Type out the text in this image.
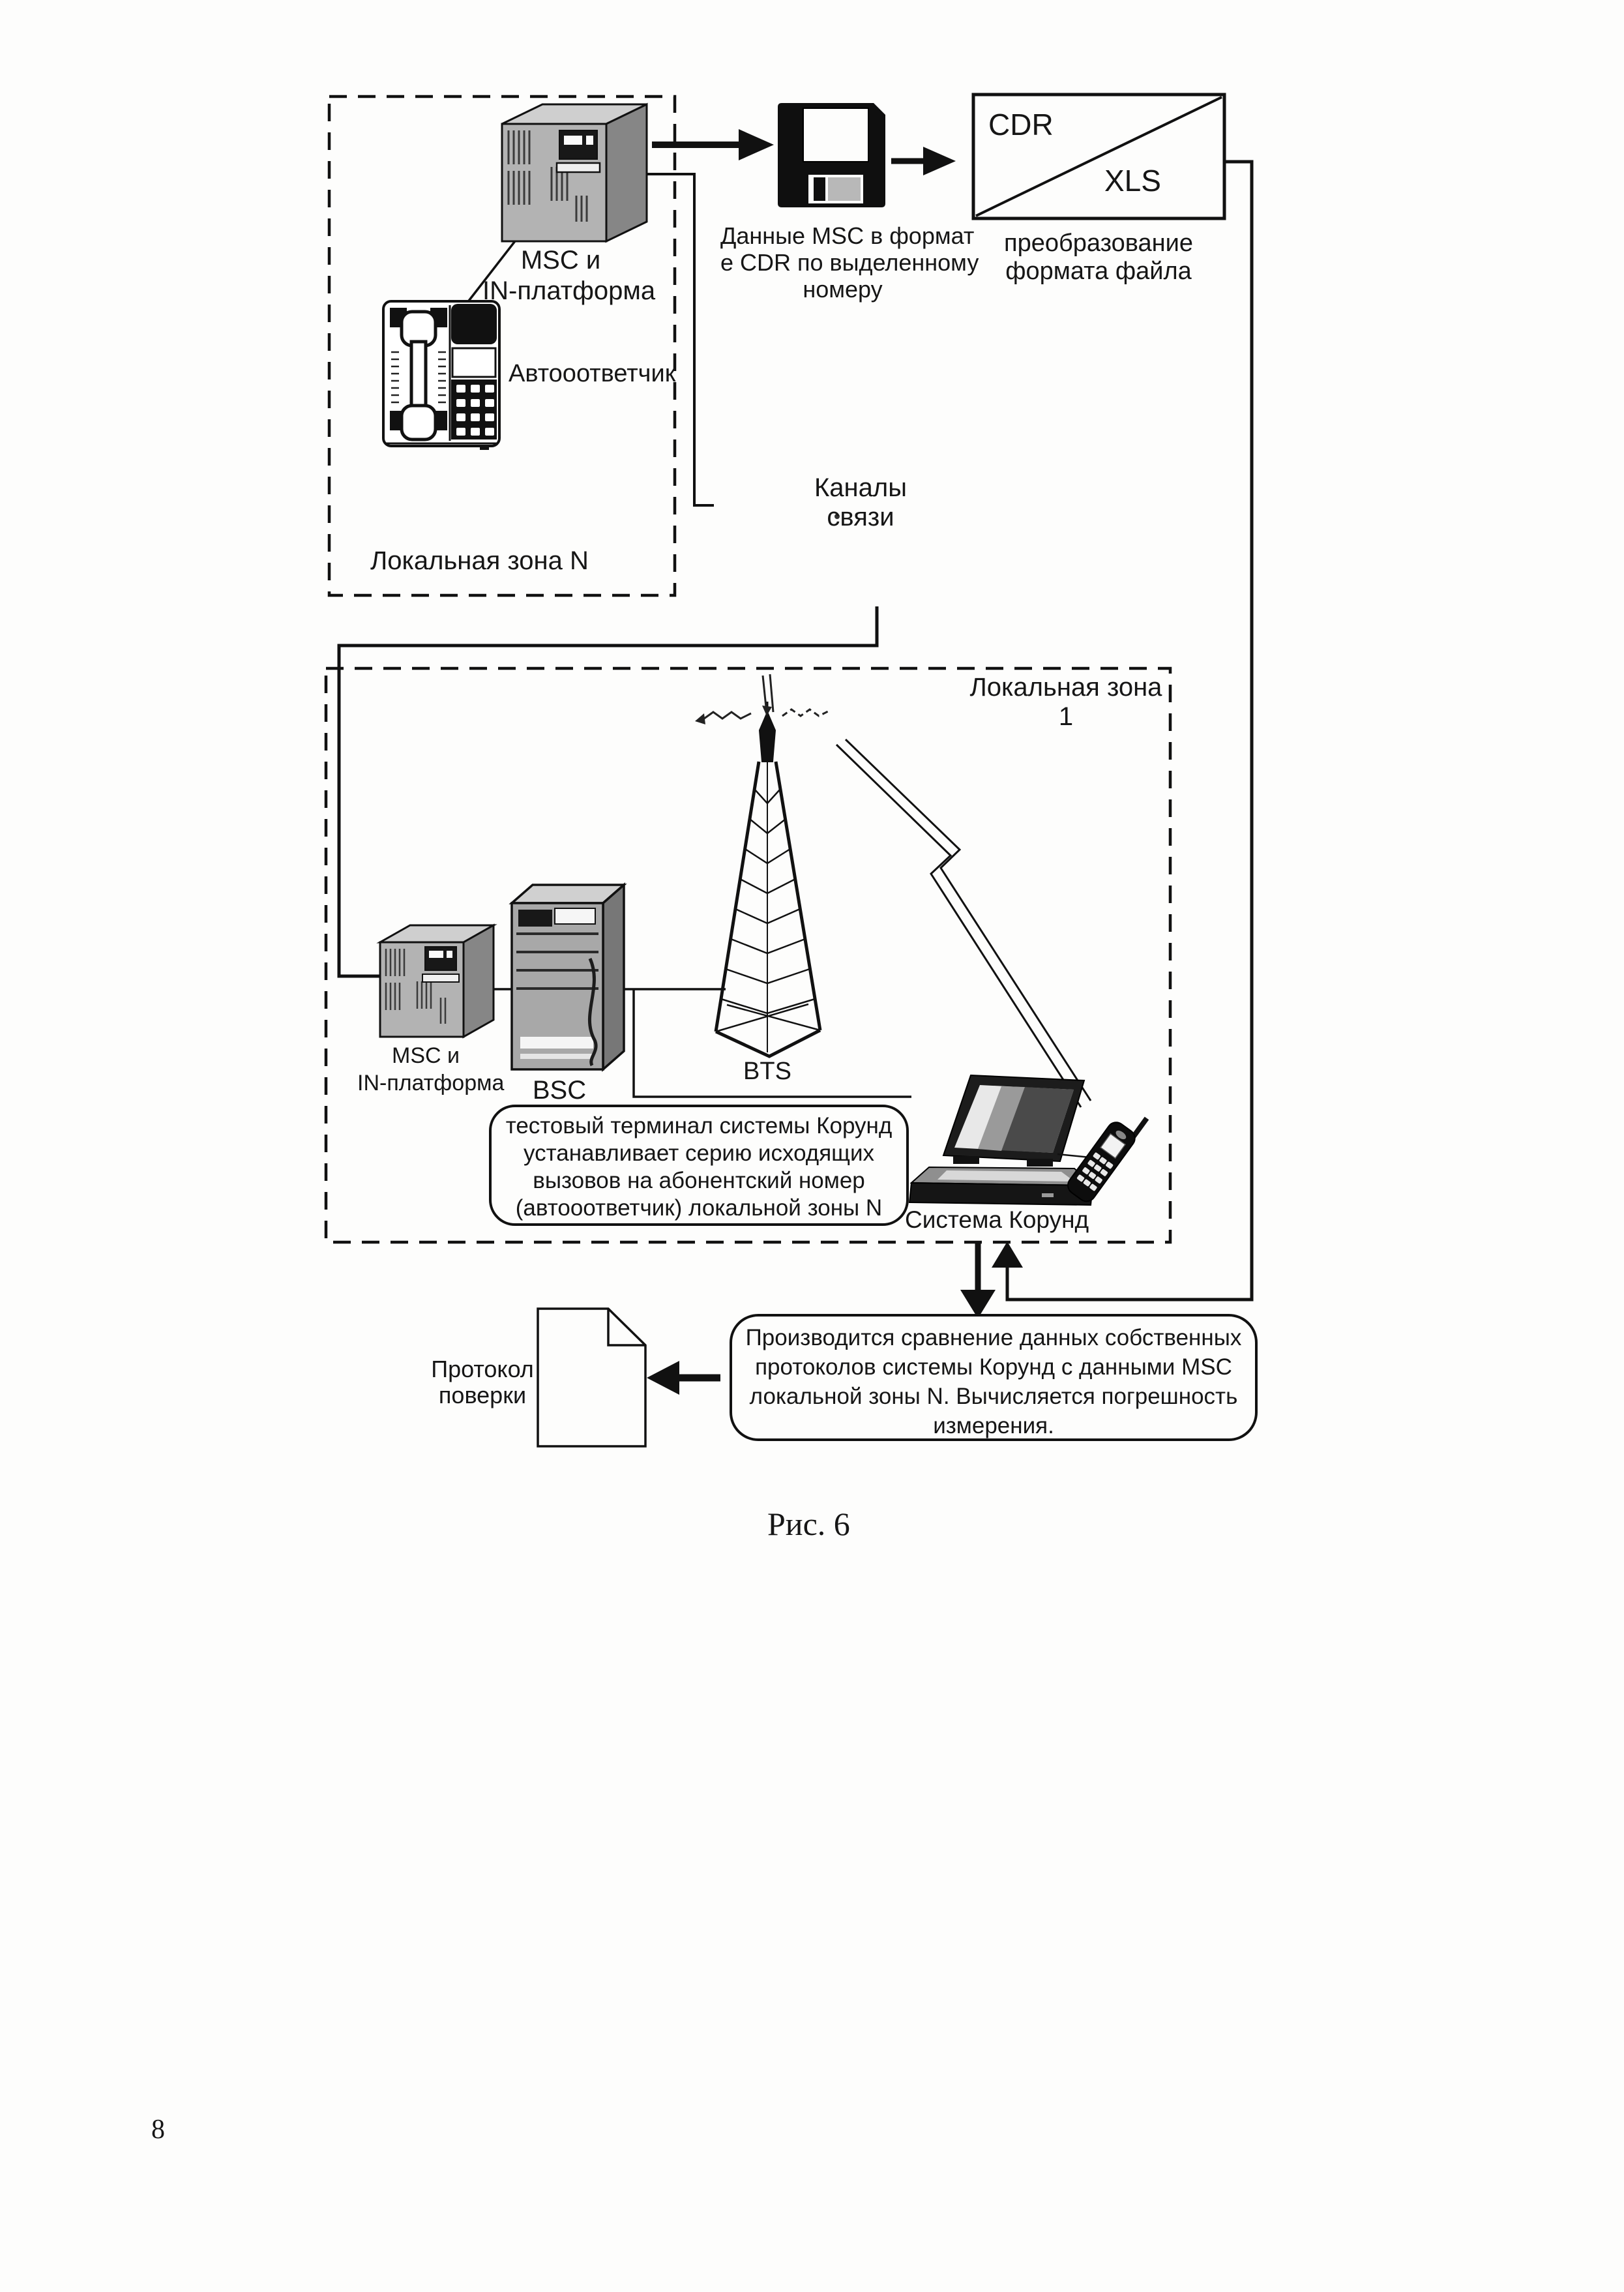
MSC и
IN-платформа
Автооответчик
Локальная зона N
Данные MSC в формат
е CDR по выделенному
номеру
CDR
XLS
преобразование
формата файла
Каналы связи
Локальная зона 1
MSC и
IN-платформа	BSC
BTS
Система Корунд
тестовый терминал системы Корунд
устанавливает серию исходящих
вызовов на абонентский номер
(автооответчик) локальной зоны N
Производится сравнение данных собственных
протоколов системы Корунд с данными MSC
локальной зоны N. Вычисляется погрешность
измерения.
Протокол
поверки
Рис. 6
8
